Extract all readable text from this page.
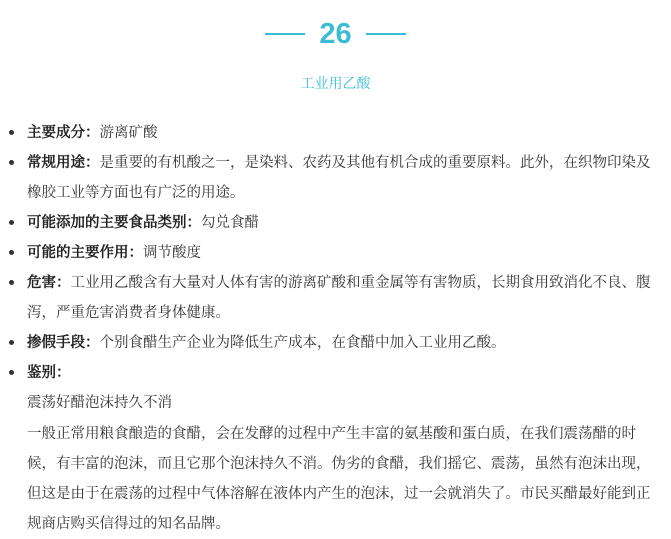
26
工业用乙酸
主要成分：游离矿酸
常规用途：是重要的有机酸之一，是染料、农药及其他有机合成的重要原料。此外，在织物印染及橡胶工业等方面也有广泛的用途。
可能添加的主要食品类别：勾兑食醋
可能的主要作用：调节酸度
危害：工业用乙酸含有大量对人体有害的游离矿酸和重金属等有害物质，长期食用致消化不良、腹泻，严重危害消费者身体健康。
掺假手段：个别食醋生产企业为降低生产成本，在食醋中加入工业用乙酸。
鉴别：

震荡好醋泡沫持久不消

一般正常用粮食酿造的食醋，会在发酵的过程中产生丰富的氨基酸和蛋白质，在我们震荡醋的时候，有丰富的泡沫，而且它那个泡沫持久不消。伪劣的食醋，我们摇它、震荡，虽然有泡沫出现，但这是由于在震荡的过程中气体溶解在液体内产生的泡沫，过一会就消失了。市民买醋最好能到正规商店购买信得过的知名品牌。
